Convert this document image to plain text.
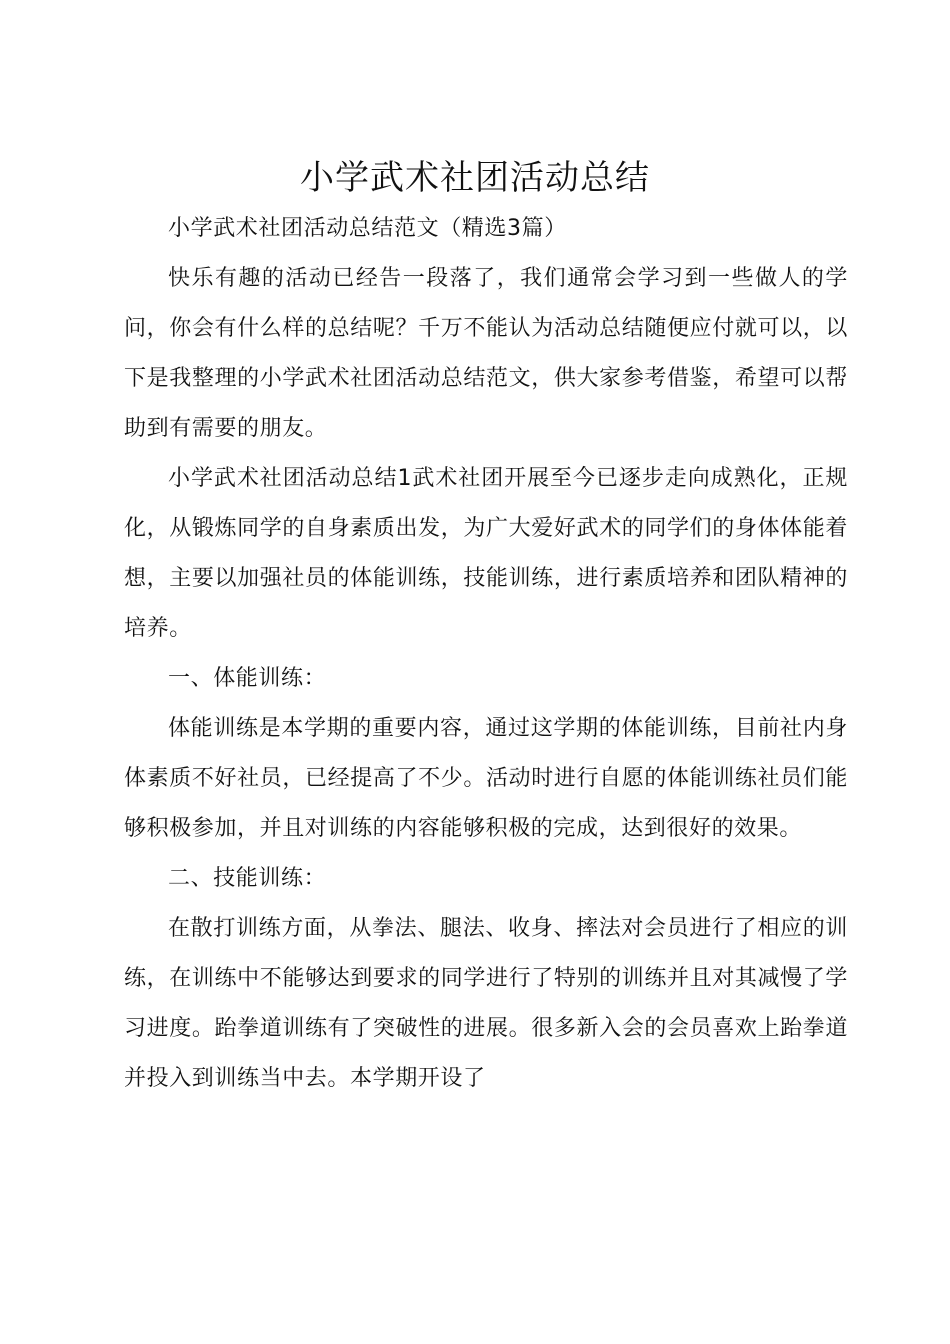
小学武术社团活动总结

小学武术社团活动总结范文（精选3篇）

快乐有趣的活动已经告一段落了，我们通常会学习到一些做人的学问，你会有什么样的总结呢？千万不能认为活动总结随便应付就可以，以下是我整理的小学武术社团活动总结范文，供大家参考借鉴，希望可以帮助到有需要的朋友。

小学武术社团活动总结1武术社团开展至今已逐步走向成熟化，正规化，从锻炼同学的自身素质出发，为广大爱好武术的同学们的身体体能着想，主要以加强社员的体能训练，技能训练，进行素质培养和团队精神的培养。

一、体能训练：

体能训练是本学期的重要内容，通过这学期的体能训练，目前社内身体素质不好社员，已经提高了不少。活动时进行自愿的体能训练社员们能够积极参加，并且对训练的内容能够积极的完成，达到很好的效果。

二、技能训练：

在散打训练方面，从拳法、腿法、收身、摔法对会员进行了相应的训练，在训练中不能够达到要求的同学进行了特别的训练并且对其减慢了学习进度。跆拳道训练有了突破性的进展。很多新入会的会员喜欢上跆拳道并投入到训练当中去。本学期开设了
